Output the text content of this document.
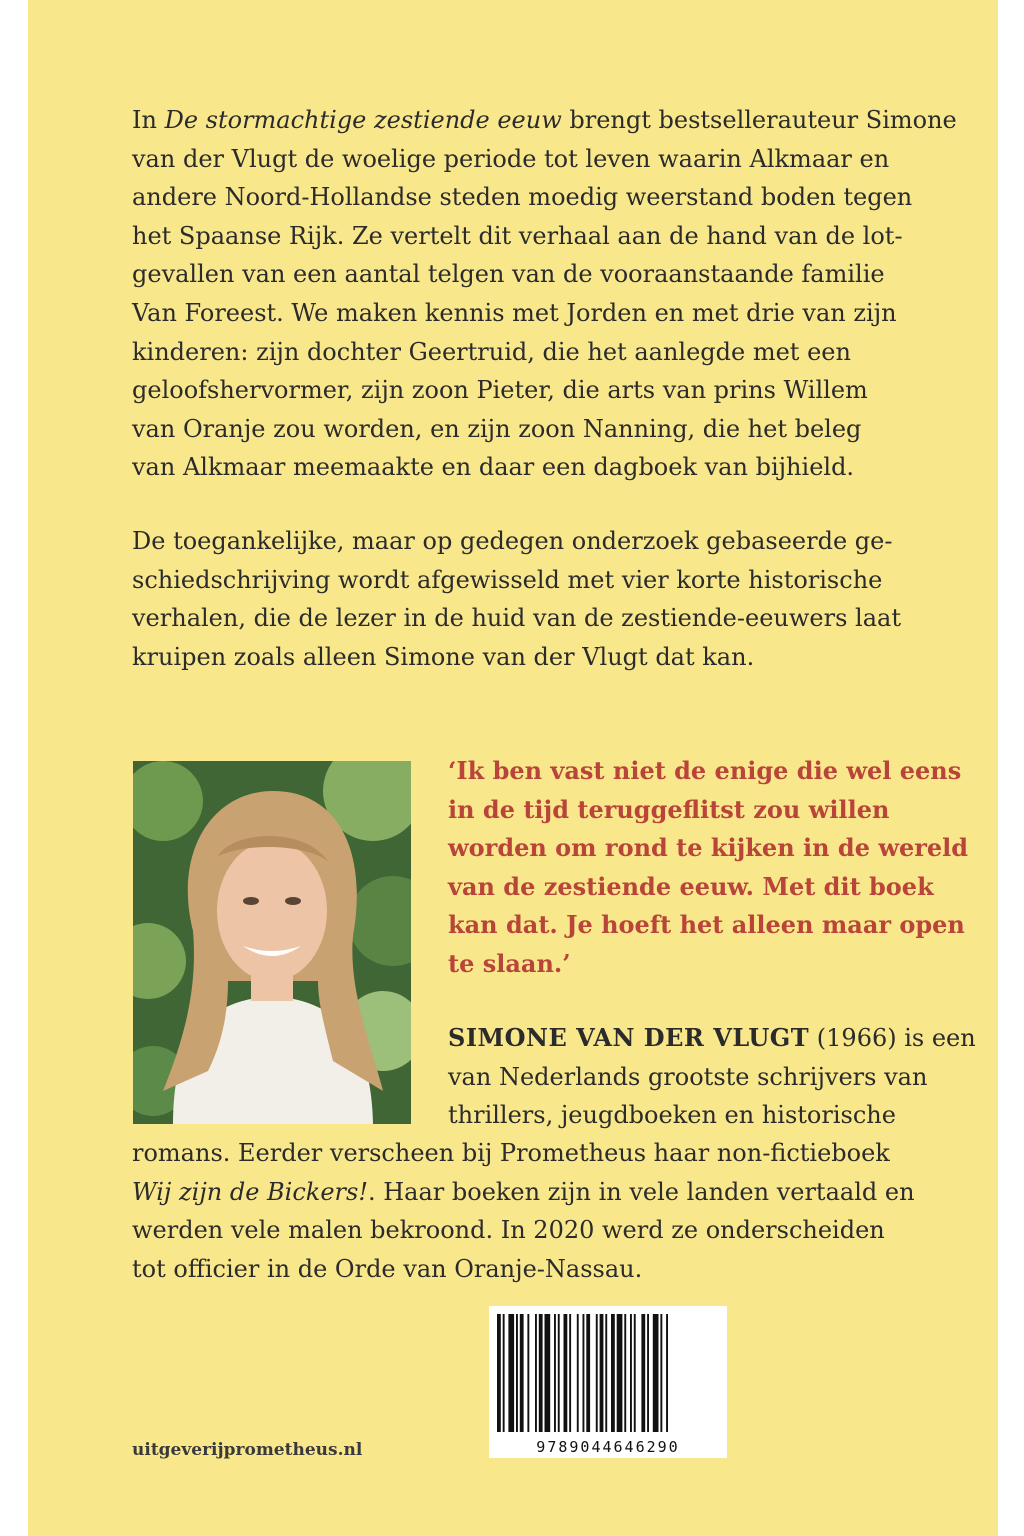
In De stormachtige zestiende eeuw brengt bestsellerauteur Simone
van der Vlugt de woelige periode tot leven waarin Alkmaar en
andere Noord-Hollandse steden moedig weerstand boden tegen
het Spaanse Rijk. Ze vertelt dit verhaal aan de hand van de lot-
gevallen van een aantal telgen van de vooraanstaande familie
Van Foreest. We maken kennis met Jorden en met drie van zijn
kinderen: zijn dochter Geertruid, die het aanlegde met een
geloofshervormer, zijn zoon Pieter, die arts van prins Willem
van Oranje zou worden, en zijn zoon Nanning, die het beleg
van Alkmaar meemaakte en daar een dagboek van bijhield.

De toegankelijke, maar op gedegen onderzoek gebaseerde ge-
schiedschrijving wordt afgewisseld met vier korte historische
verhalen, die de lezer in de huid van de zestiende-eeuwers laat
kruipen zoals alleen Simone van der Vlugt dat kan.

‘Ik ben vast niet de enige die wel eens
in de tijd teruggeflitst zou willen
worden om rond te kijken in de wereld
van de zestiende eeuw. Met dit boek
kan dat. Je hoeft het alleen maar open
te slaan.’

SIMONE VAN DER VLUGT (1966) is een
van Nederlands grootste schrijvers van
thrillers, jeugdboeken en historische

romans. Eerder verscheen bij Prometheus haar non-fictieboek
Wij zijn de Bickers!. Haar boeken zijn in vele landen vertaald en
werden vele malen bekroond. In 2020 werd ze onderscheiden
tot officier in de Orde van Oranje-Nassau.

9789044646290
uitgeverijprometheus.nl
